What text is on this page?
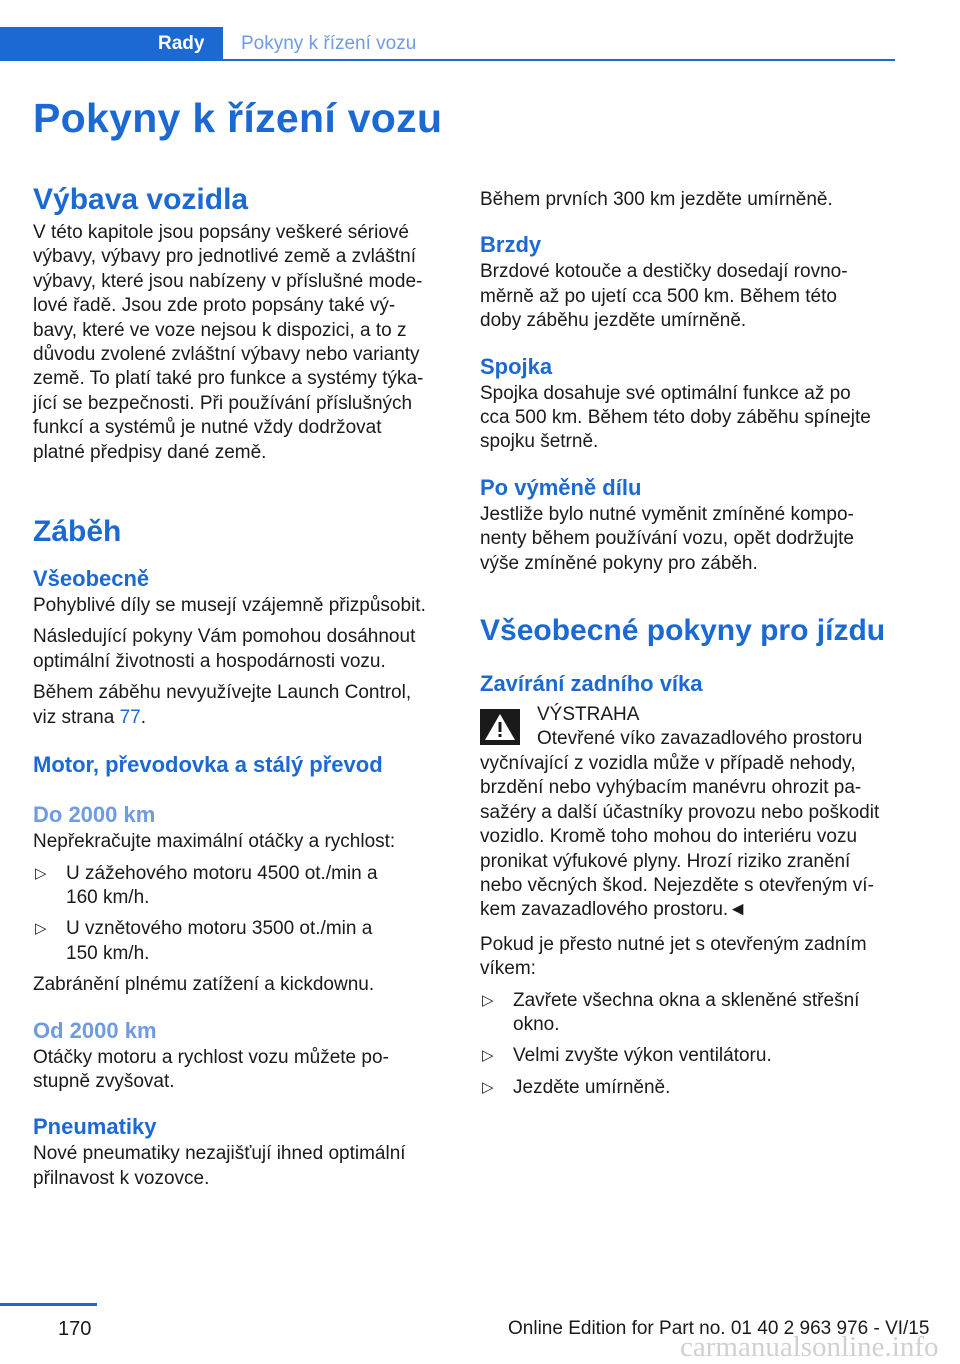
Rady Pokyny k řízení vozu
Pokyny k řízení vozu
Výbava vozidla

V této kapitole jsou popsány veškeré sériové
výbavy, výbavy pro jednotlivé země a zvláštní
výbavy, které jsou nabízeny v příslušné mode-
lové řadě. Jsou zde proto popsány také vý-
bavy, které ve voze nejsou k dispozici, a to z
důvodu zvolené zvláštní výbavy nebo varianty
země. To platí také pro funkce a systémy týka-
jící se bezpečnosti. Při používání příslušných
funkcí a systémů je nutné vždy dodržovat
platné předpisy dané země.

Záběh
Všeobecně

Pohyblivé díly se musejí vzájemně přizpůsobit.

Následující pokyny Vám pomohou dosáhnout
optimální životnosti a hospodárnosti vozu.

Během záběhu nevyužívejte Launch Control,
viz strana 77.

Motor, převodovka a stálý převod
Do 2000 km

Nepřekračujte maximální otáčky a rychlost:

▷ U zážehového motoru 4500 ot./min a
160 km/h.
▷ U vznětového motoru 3500 ot./min a
150 km/h.

Zabránění plnému zatížení a kickdownu.

Od 2000 km

Otáčky motoru a rychlost vozu můžete po-
stupně zvyšovat.

Pneumatiky

Nové pneumatiky nezajišťují ihned optimální
přilnavost k vozovce.

Během prvních 300 km jezděte umírněně.

Brzdy

Brzdové kotouče a destičky dosedají rovno-
měrně až po ujetí cca 500 km. Během této
doby záběhu jezděte umírněně.

Spojka

Spojka dosahuje své optimální funkce až po
cca 500 km. Během této doby záběhu spínejte
spojku šetrně.

Po výměně dílu

Jestliže bylo nutné vyměnit zmíněné kompo-
nenty během používání vozu, opět dodržujte
výše zmíněné pokyny pro záběh.

Všeobecné pokyny pro jízdu
Zavírání zadního víka
VÝSTRAHA
Otevřené víko zavazadlového prostoru

vyčnívající z vozidla může v případě nehody,
brzdění nebo vyhýbacím manévru ohrozit pa-
sažéry a další účastníky provozu nebo poškodit
vozidlo. Kromě toho mohou do interiéru vozu
pronikat výfukové plyny. Hrozí riziko zranění
nebo věcných škod. Nejezděte s otevřeným ví-
kem zavazadlového prostoru.◄

Pokud je přesto nutné jet s otevřeným zadním
víkem:

▷ Zavřete všechna okna a skleněné střešní
okno.
▷ Velmi zvyšte výkon ventilátoru.
▷ Jezděte umírněně.
170	Online Edition for Part no. 01 40 2 963 976 - VI/15
carmanualsonline.info
